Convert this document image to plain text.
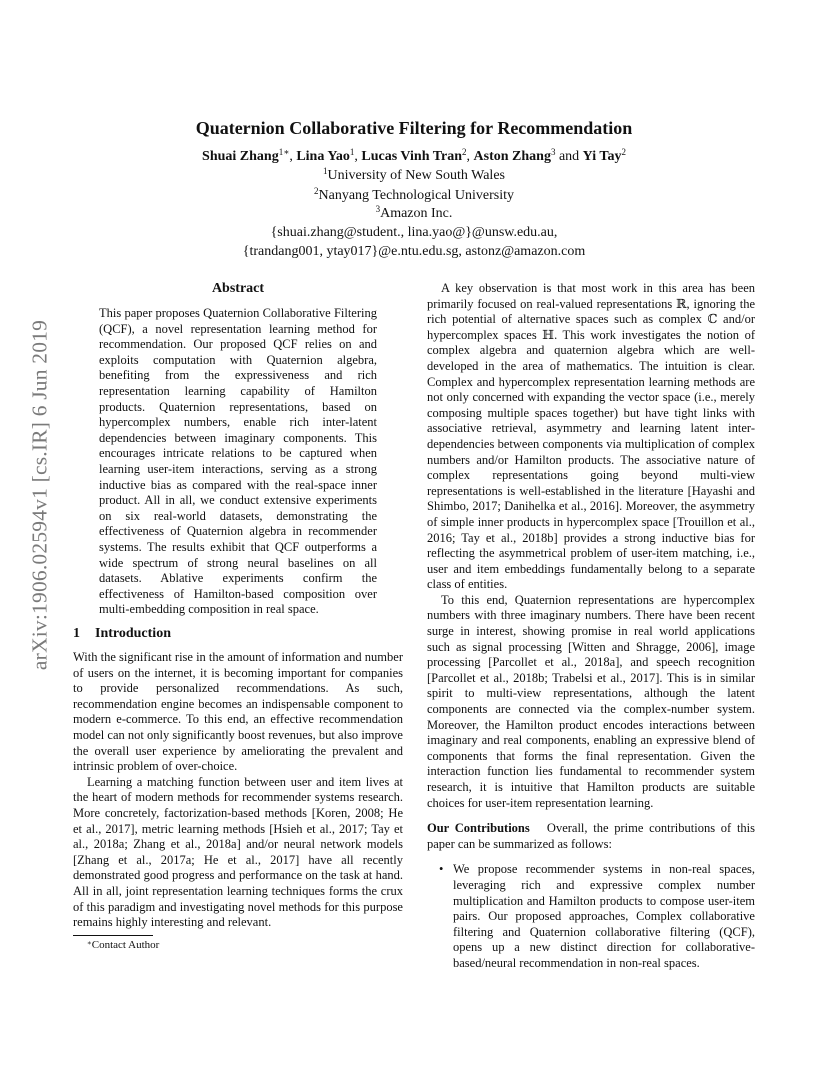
arXiv:1906.02594v1 [cs.IR] 6 Jun 2019
Quaternion Collaborative Filtering for Recommendation
Shuai Zhang$^{1∗}$, Lina Yao$^1$, Lucas Vinh Tran$^2$, Aston Zhang$^3$ and Yi Tay$^2$
$^1$University of New South Wales
$^2$Nanyang Technological University
$^3$Amazon Inc.
{shuai.zhang@student., lina.yao@}@unsw.edu.au,
{trandang001, ytay017}@e.ntu.edu.sg, astonz@amazon.com
Abstract
This paper proposes Quaternion Collaborative Filtering (QCF), a novel representation learning method for recommendation. Our proposed QCF relies on and exploits computation with Quaternion algebra, benefiting from the expressiveness and rich representation learning capability of Hamilton products. Quaternion representations, based on hypercomplex numbers, enable rich inter-latent dependencies between imaginary components. This encourages intricate relations to be captured when learning user-item interactions, serving as a strong inductive bias as compared with the real-space inner product. All in all, we conduct extensive experiments on six real-world datasets, demonstrating the effectiveness of Quaternion algebra in recommender systems. The results exhibit that QCF outperforms a wide spectrum of strong neural baselines on all datasets. Ablative experiments confirm the effectiveness of Hamilton-based composition over multi-embedding composition in real space.
1 Introduction

With the significant rise in the amount of information and number of users on the internet, it is becoming important for companies to provide personalized recommendations. As such, recommendation engine becomes an indispensable component to modern e-commerce. To this end, an effective recommendation model can not only significantly boost revenues, but also improve the overall user experience by ameliorating the prevalent and intrinsic problem of over-choice.

Learning a matching function between user and item lives at the heart of modern methods for recommender systems research. More concretely, factorization-based methods [Koren, 2008; He et al., 2017], metric learning methods [Hsieh et al., 2017; Tay et al., 2018a; Zhang et al., 2018a] and/or neural network models [Zhang et al., 2017a; He et al., 2017] have all recently demonstrated good progress and performance on the task at hand. All in all, joint representation learning techniques forms the crux of this paradigm and investigating novel methods for this purpose remains highly interesting and relevant.

∗Contact Author

A key observation is that most work in this area has been primarily focused on real-valued representations ℝ, ignoring the rich potential of alternative spaces such as complex ℂ and/or hypercomplex spaces ℍ. This work investigates the notion of complex algebra and quaternion algebra which are well-developed in the area of mathematics. The intuition is clear. Complex and hypercomplex representation learning methods are not only concerned with expanding the vector space (i.e., merely composing multiple spaces together) but have tight links with associative retrieval, asymmetry and learning latent inter-dependencies between components via multiplication of complex numbers and/or Hamilton products. The associative nature of complex representations going beyond multi-view representations is well-established in the literature [Hayashi and Shimbo, 2017; Danihelka et al., 2016]. Moreover, the asymmetry of simple inner products in hypercomplex space [Trouillon et al., 2016; Tay et al., 2018b] provides a strong inductive bias for reflecting the asymmetrical problem of user-item matching, i.e., user and item embeddings fundamentally belong to a separate class of entities.

To this end, Quaternion representations are hypercomplex numbers with three imaginary numbers. There have been recent surge in interest, showing promise in real world applications such as signal processing [Witten and Shragge, 2006], image processing [Parcollet et al., 2018a], and speech recognition [Parcollet et al., 2018b; Trabelsi et al., 2017]. This is in similar spirit to multi-view representations, although the latent components are connected via the complex-number system. Moreover, the Hamilton product encodes interactions between imaginary and real components, enabling an expressive blend of components that forms the final representation. Given the interaction function lies fundamental to recommender system research, it is intuitive that Hamilton products are suitable choices for user-item representation learning.

Our Contributions Overall, the prime contributions of this paper can be summarized as follows:

• We propose recommender systems in non-real spaces, leveraging rich and expressive complex number multiplication and Hamilton products to compose user-item pairs. Our proposed approaches, Complex collaborative filtering and Quaternion collaborative filtering (QCF), opens up a new distinct direction for collaborative-based/neural recommendation in non-real spaces.
